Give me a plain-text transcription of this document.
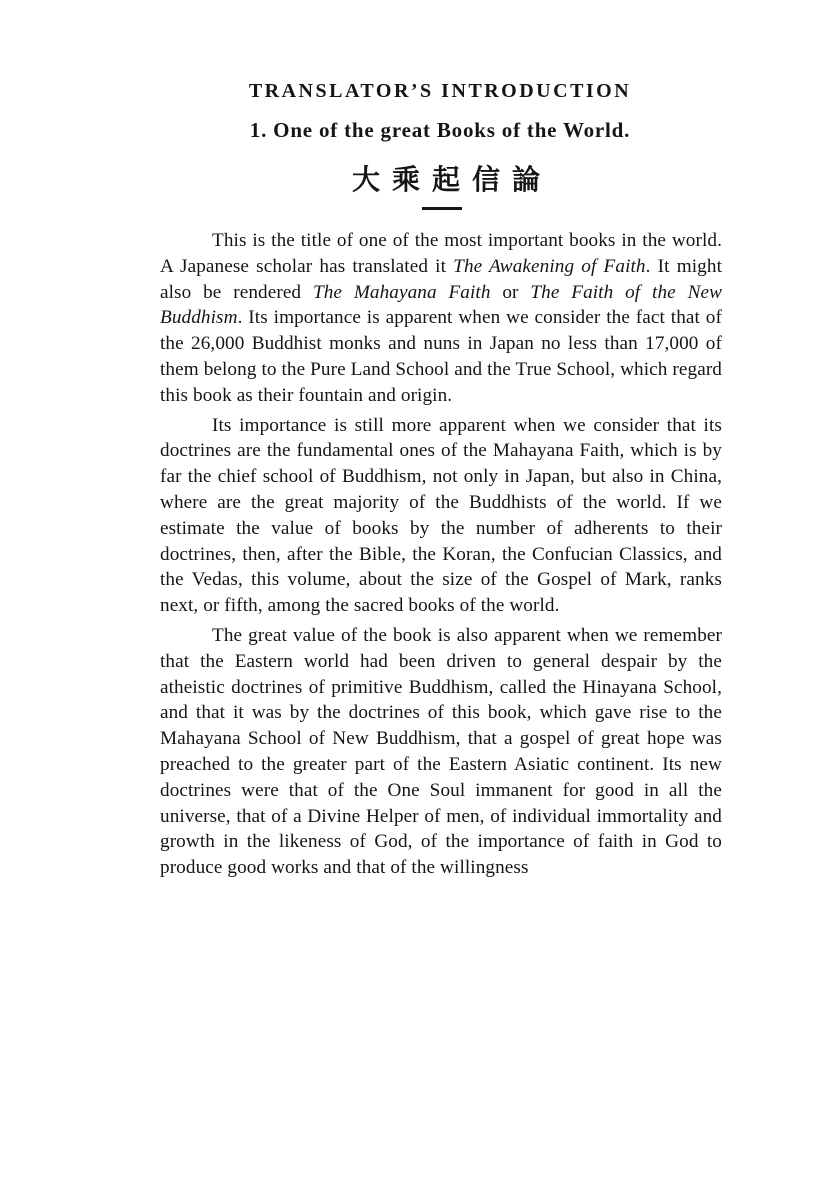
TRANSLATOR’S INTRODUCTION
1. One of the great Books of the World.
大乘起信論

This is the title of one of the most important books in the world. A Japanese scholar has translated it The Awakening of Faith. It might also be rendered The Mahayana Faith or The Faith of the New Buddhism. Its importance is apparent when we consider the fact that of the 26,000 Buddhist monks and nuns in Japan no less than 17,000 of them belong to the Pure Land School and the True School, which regard this book as their fountain and origin.

Its importance is still more apparent when we consider that its doctrines are the fundamental ones of the Mahayana Faith, which is by far the chief school of Buddhism, not only in Japan, but also in China, where are the great majority of the Buddhists of the world. If we estimate the value of books by the number of adherents to their doctrines, then, after the Bible, the Koran, the Confucian Classics, and the Vedas, this volume, about the size of the Gospel of Mark, ranks next, or fifth, among the sacred books of the world.

The great value of the book is also apparent when we remember that the Eastern world had been driven to general despair by the atheistic doctrines of primitive Buddhism, called the Hinayana School, and that it was by the doctrines of this book, which gave rise to the Mahayana School of New Buddhism, that a gospel of great hope was preached to the greater part of the Eastern Asiatic continent. Its new doctrines were that of the One Soul immanent for good in all the universe, that of a Divine Helper of men, of individual immortality and growth in the likeness of God, of the importance of faith in God to produce good works and that of the willingness
